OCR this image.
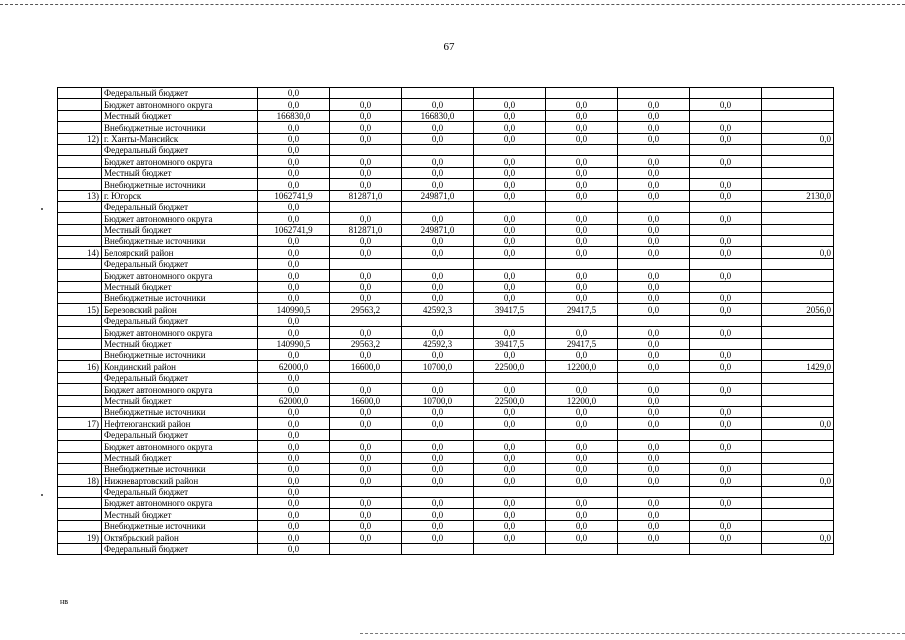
67
	Федеральный бюджет	0,0							
	Бюджет автономного округа	0,0	0,0	0,0	0,0	0,0	0,0	0,0	
	Местный бюджет	166830,0	0,0	166830,0	0,0	0,0	0,0		
	Внебюджетные источники	0,0	0,0	0,0	0,0	0,0	0,0	0,0	
12)	г. Ханты-Мансийск	0,0	0,0	0,0	0,0	0,0	0,0	0,0	0,0
	Федеральный бюджет	0,0							
	Бюджет автономного округа	0,0	0,0	0,0	0,0	0,0	0,0	0,0	
	Местный бюджет	0,0	0,0	0,0	0,0	0,0	0,0		
	Внебюджетные источники	0,0	0,0	0,0	0,0	0,0	0,0	0,0	
13)	г. Югорск	1062741,9	812871,0	249871,0	0,0	0,0	0,0	0,0	2130,0
	Федеральный бюджет	0,0							
	Бюджет автономного округа	0,0	0,0	0,0	0,0	0,0	0,0	0,0	
	Местный бюджет	1062741,9	812871,0	249871,0	0,0	0,0	0,0		
	Внебюджетные источники	0,0	0,0	0,0	0,0	0,0	0,0	0,0	
14)	Белоярский район	0,0	0,0	0,0	0,0	0,0	0,0	0,0	0,0
	Федеральный бюджет	0,0							
	Бюджет автономного округа	0,0	0,0	0,0	0,0	0,0	0,0	0,0	
	Местный бюджет	0,0	0,0	0,0	0,0	0,0	0,0		
	Внебюджетные источники	0,0	0,0	0,0	0,0	0,0	0,0	0,0	
15)	Березовский район	140990,5	29563,2	42592,3	39417,5	29417,5	0,0	0,0	2056,0
	Федеральный бюджет	0,0							
	Бюджет автономного округа	0,0	0,0	0,0	0,0	0,0	0,0	0,0	
	Местный бюджет	140990,5	29563,2	42592,3	39417,5	29417,5	0,0		
	Внебюджетные источники	0,0	0,0	0,0	0,0	0,0	0,0	0,0	
16)	Кондинский район	62000,0	16600,0	10700,0	22500,0	12200,0	0,0	0,0	1429,0
	Федеральный бюджет	0,0							
	Бюджет автономного округа	0,0	0,0	0,0	0,0	0,0	0,0	0,0	
	Местный бюджет	62000,0	16600,0	10700,0	22500,0	12200,0	0,0		
	Внебюджетные источники	0,0	0,0	0,0	0,0	0,0	0,0	0,0	
17)	Нефтеюганский район	0,0	0,0	0,0	0,0	0,0	0,0	0,0	0,0
	Федеральный бюджет	0,0							
	Бюджет автономного округа	0,0	0,0	0,0	0,0	0,0	0,0	0,0	
	Местный бюджет	0,0	0,0	0,0	0,0	0,0	0,0		
	Внебюджетные источники	0,0	0,0	0,0	0,0	0,0	0,0	0,0	
18)	Нижневартовский район	0,0	0,0	0,0	0,0	0,0	0,0	0,0	0,0
	Федеральный бюджет	0,0							
	Бюджет автономного округа	0,0	0,0	0,0	0,0	0,0	0,0	0,0	
	Местный бюджет	0,0	0,0	0,0	0,0	0,0	0,0		
	Внебюджетные источники	0,0	0,0	0,0	0,0	0,0	0,0	0,0	
19)	Октябрьский район	0,0	0,0	0,0	0,0	0,0	0,0	0,0	0,0
	Федеральный бюджет	0,0							
нв
